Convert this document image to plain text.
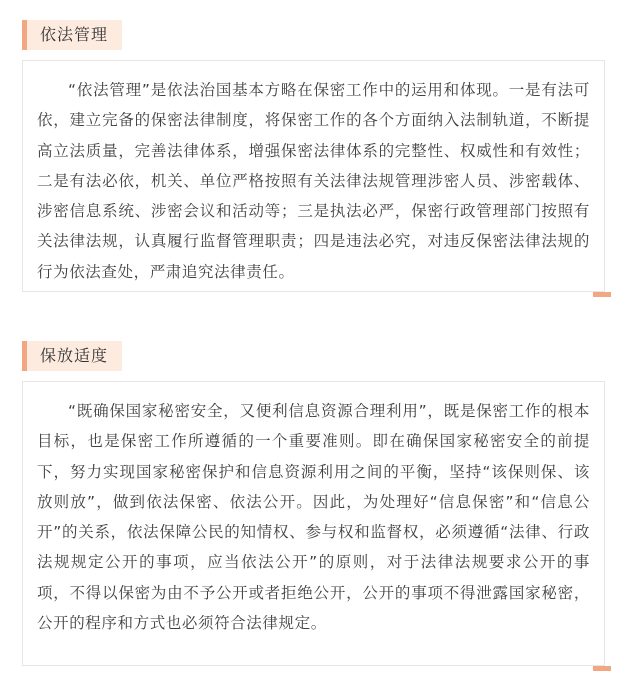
依法管理

“依法管理”是依法治国基本方略在保密工作中的运用和体现。一是有法可依，建立完备的保密法律制度，将保密工作的各个方面纳入法制轨道，不断提高立法质量，完善法律体系，增强保密法律体系的完整性、权威性和有效性；二是有法必依，机关、单位严格按照有关法律法规管理涉密人员、涉密载体、涉密信息系统、涉密会议和活动等；三是执法必严，保密行政管理部门按照有关法律法规，认真履行监督管理职责；四是违法必究，对违反保密法律法规的行为依法查处，严肃追究法律责任。

保放适度

“既确保国家秘密安全，又便利信息资源合理利用”，既是保密工作的根本目标，也是保密工作所遵循的一个重要准则。即在确保国家秘密安全的前提下，努力实现国家秘密保护和信息资源利用之间的平衡，坚持“该保则保、该放则放”，做到依法保密、依法公开。因此，为处理好“信息保密”和“信息公开”的关系，依法保障公民的知情权、参与权和监督权，必须遵循“法律、行政法规规定公开的事项，应当依法公开”的原则，对于法律法规要求公开的事项，不得以保密为由不予公开或者拒绝公开，公开的事项不得泄露国家秘密，公开的程序和方式也必须符合法律规定。
